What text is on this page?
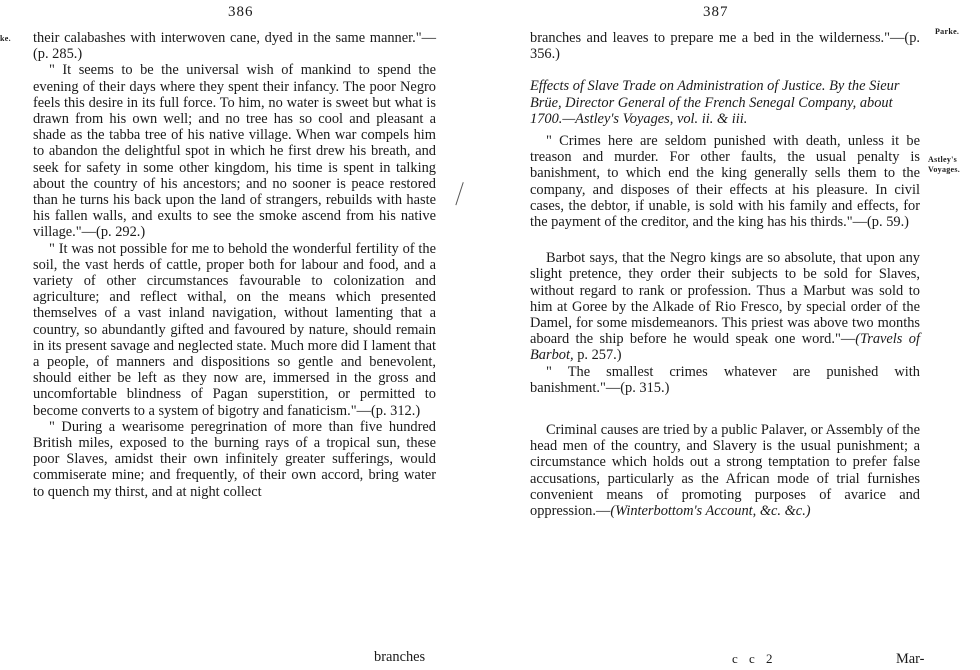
386	387
ke.
Parke.
Astley's Voyages.

their calabashes with interwoven cane, dyed in the same manner."—(p. 285.)

" It seems to be the universal wish of mankind to spend the evening of their days where they spent their infancy. The poor Negro feels this desire in its full force. To him, no water is sweet but what is drawn from his own well; and no tree has so cool and pleasant a shade as the tabba tree of his native village. When war compels him to abandon the delightful spot in which he first drew his breath, and seek for safety in some other kingdom, his time is spent in talking about the country of his ancestors; and no sooner is peace restored than he turns his back upon the land of strangers, rebuilds with haste his fallen walls, and exults to see the smoke ascend from his native village."—(p. 292.)

" It was not possible for me to behold the wonderful fertility of the soil, the vast herds of cattle, proper both for labour and food, and a variety of other circumstances favourable to colonization and agriculture; and reflect withal, on the means which presented themselves of a vast inland navigation, without lamenting that a country, so abundantly gifted and favoured by nature, should remain in its present savage and neglected state. Much more did I lament that a people, of manners and dispositions so gentle and benevolent, should either be left as they now are, immersed in the gross and uncomfortable blindness of Pagan superstition, or permitted to become converts to a system of bigotry and fanaticism."—(p. 312.)

" During a wearisome peregrination of more than five hundred British miles, exposed to the burning rays of a tropical sun, these poor Slaves, amidst their own infinitely greater sufferings, would commiserate mine; and frequently, of their own accord, bring water to quench my thirst, and at night collect

branches

branches and leaves to prepare me a bed in the wilderness."—(p. 356.)

Effects of Slave Trade on Administration of Justice. By the Sieur Brüe, Director General of the French Senegal Company, about 1700.—Astley's Voyages, vol. ii. & iii.

" Crimes here are seldom punished with death, unless it be treason and murder. For other faults, the usual penalty is banishment, to which end the king generally sells them to the company, and disposes of their effects at his pleasure. In civil cases, the debtor, if unable, is sold with his family and effects, for the payment of the creditor, and the king has his thirds."—(p. 59.)

Barbot says, that the Negro kings are so absolute, that upon any slight pretence, they order their subjects to be sold for Slaves, without regard to rank or profession. Thus a Marbut was sold to him at Goree by the Alkade of Rio Fresco, by special order of the Damel, for some misdemeanors. This priest was above two months aboard the ship before he would speak one word."—(Travels of Barbot, p. 257.)

" The smallest crimes whatever are punished with banishment."—(p. 315.)

Criminal causes are tried by a public Palaver, or Assembly of the head men of the country, and Slavery is the usual punishment; a circumstance which holds out a strong temptation to prefer false accusations, particularly as the African mode of trial furnishes convenient means of promoting purposes of avarice and oppression.—(Winterbottom's Account, &c. &c.)

c c 2	Mar-
